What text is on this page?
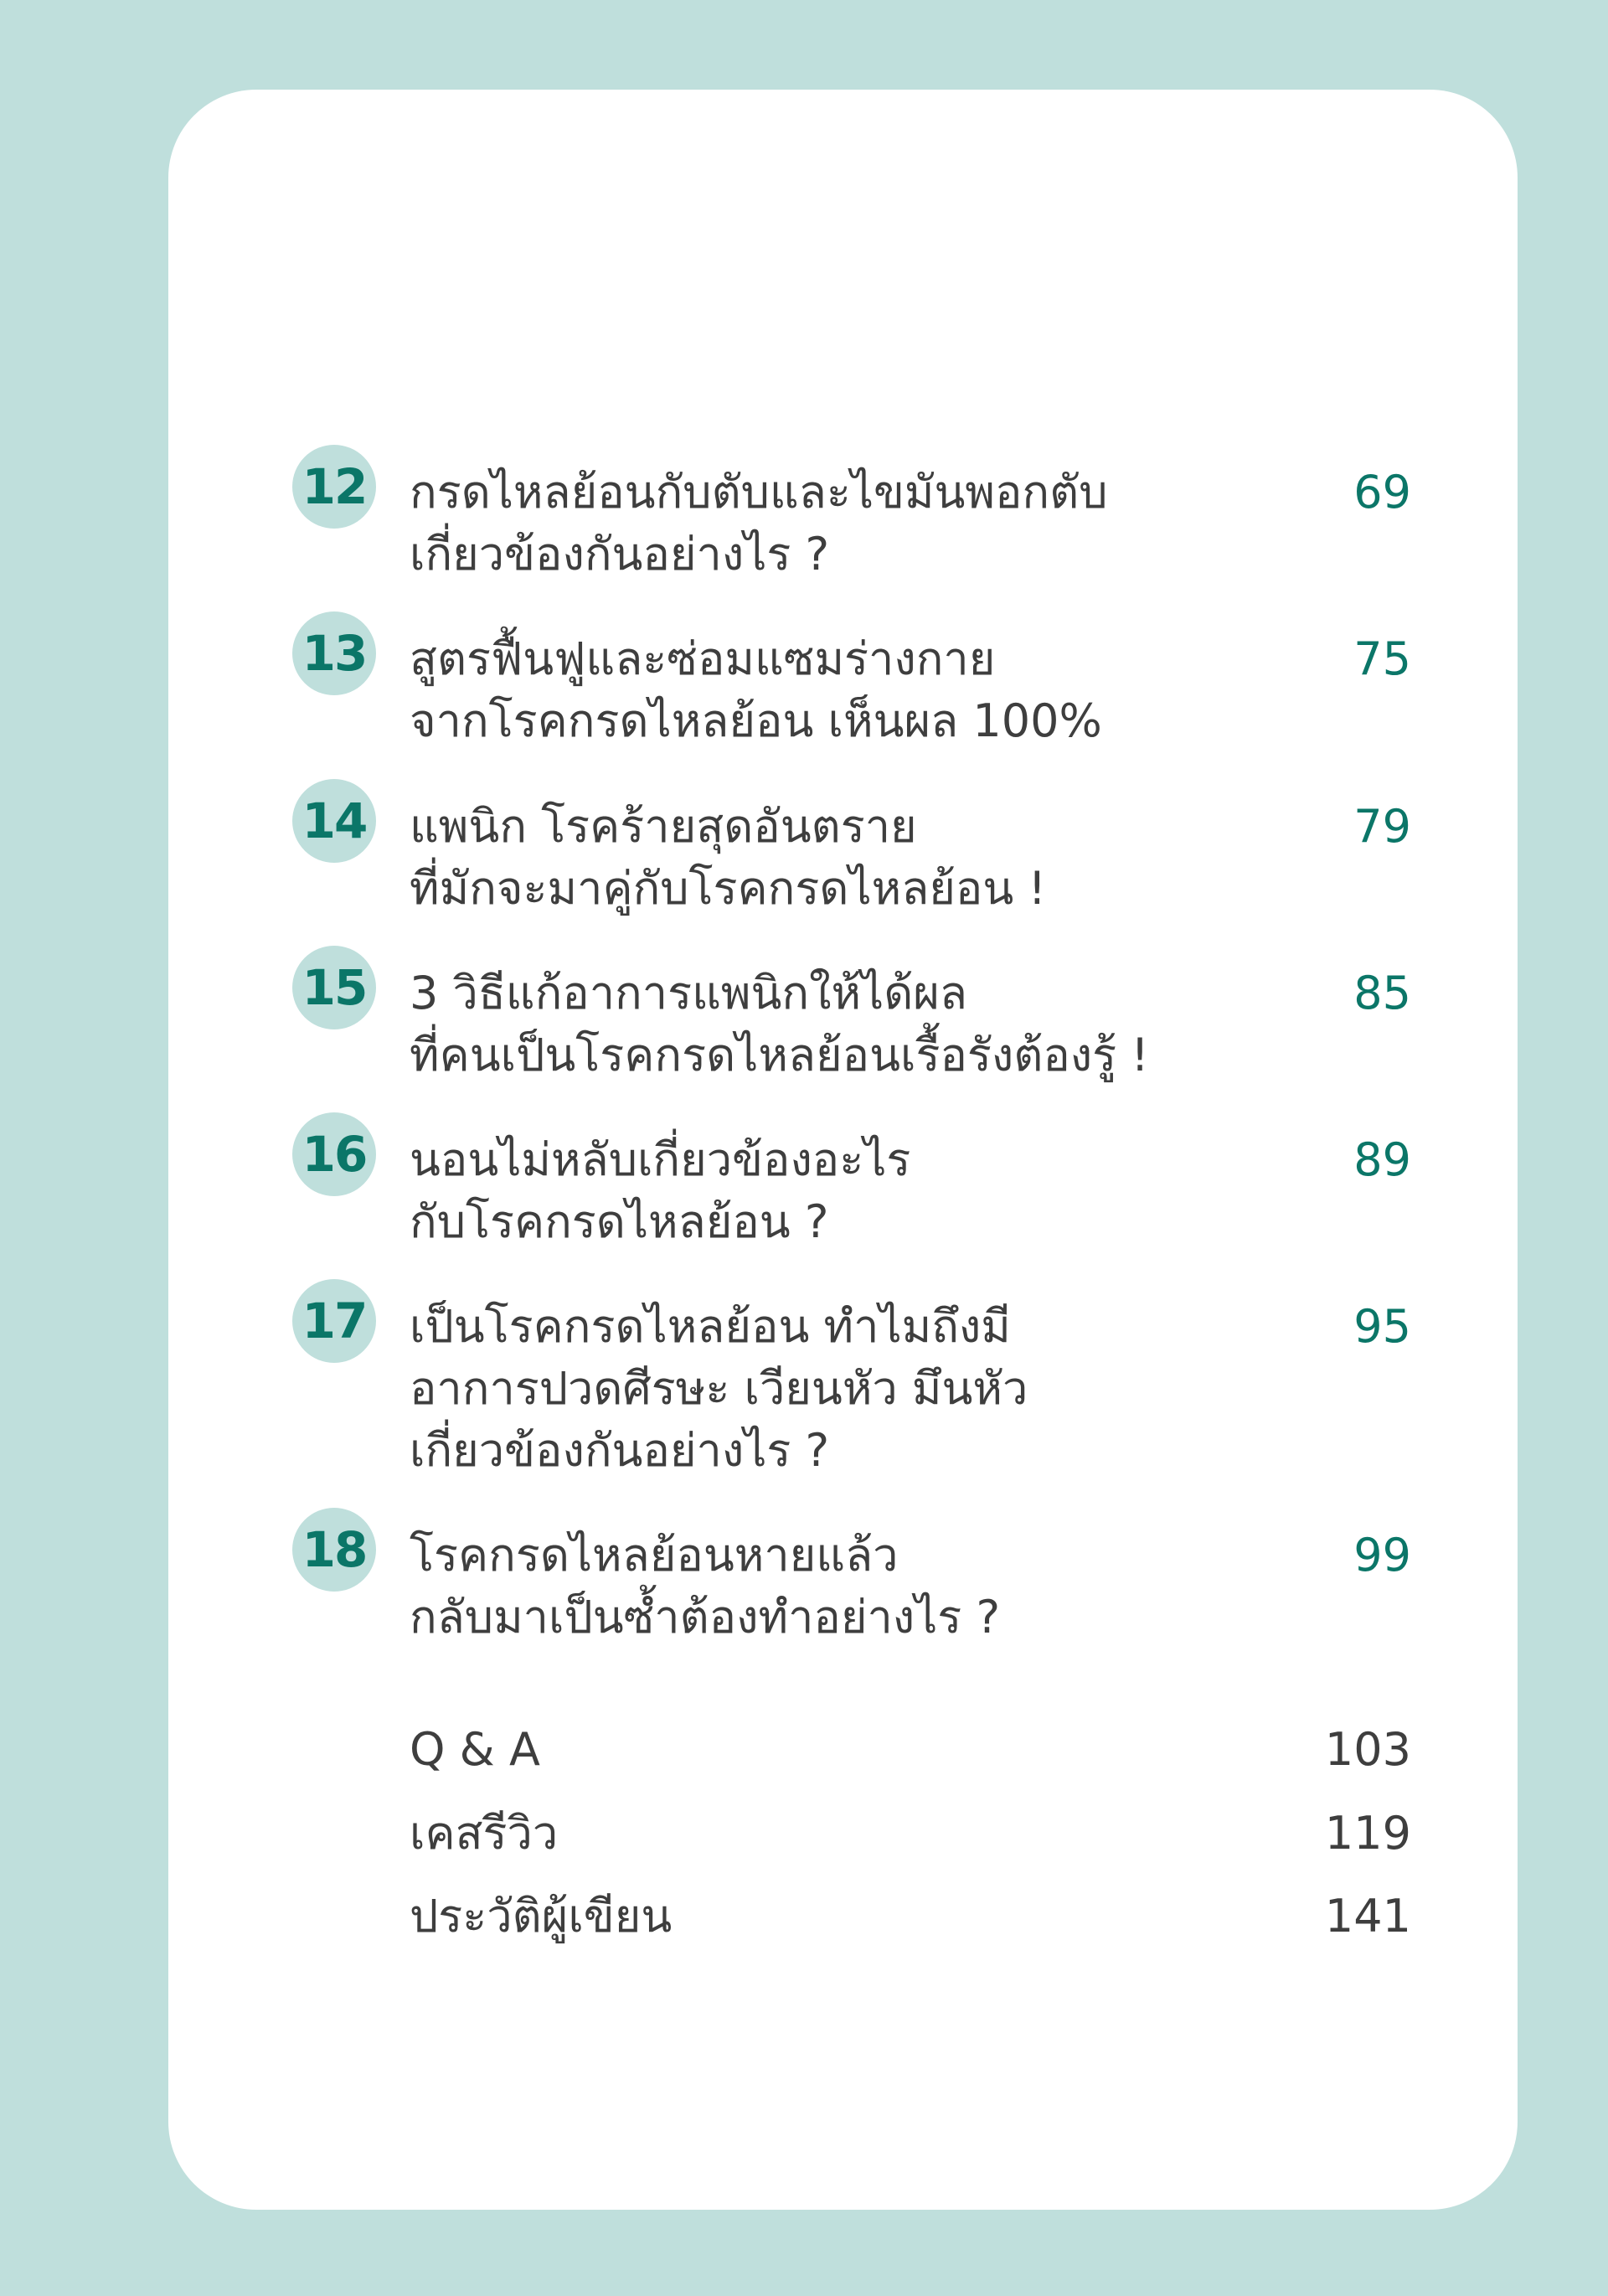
12 กรดไหลย้อนกับตับและไขมันพอกตับ
เกี่ยวข้องกันอย่างไร ?
69
13 สูตรฟื้นฟูและซ่อมแซมร่างกาย
จากโรคกรดไหลย้อน เห็นผล 100%
75
14 แพนิก โรคร้ายสุดอันตราย
ที่มักจะมาคู่กับโรคกรดไหลย้อน !
79
15 3 วิธีแก้อาการแพนิกให้ได้ผล
ที่คนเป็นโรคกรดไหลย้อนเรื้อรังต้องรู้ !
85
16 นอนไม่หลับเกี่ยวข้องอะไร
กับโรคกรดไหลย้อน ?
89
17 เป็นโรคกรดไหลย้อน ทำไมถึงมี
อาการปวดศีรษะ เวียนหัว มึนหัว
เกี่ยวข้องกันอย่างไร ?
95
18 โรคกรดไหลย้อนหายแล้ว
กลับมาเป็นซ้ำต้องทำอย่างไร ?
99
Q & A	103
เคสรีวิว	119
ประวัติผู้เขียน	141
